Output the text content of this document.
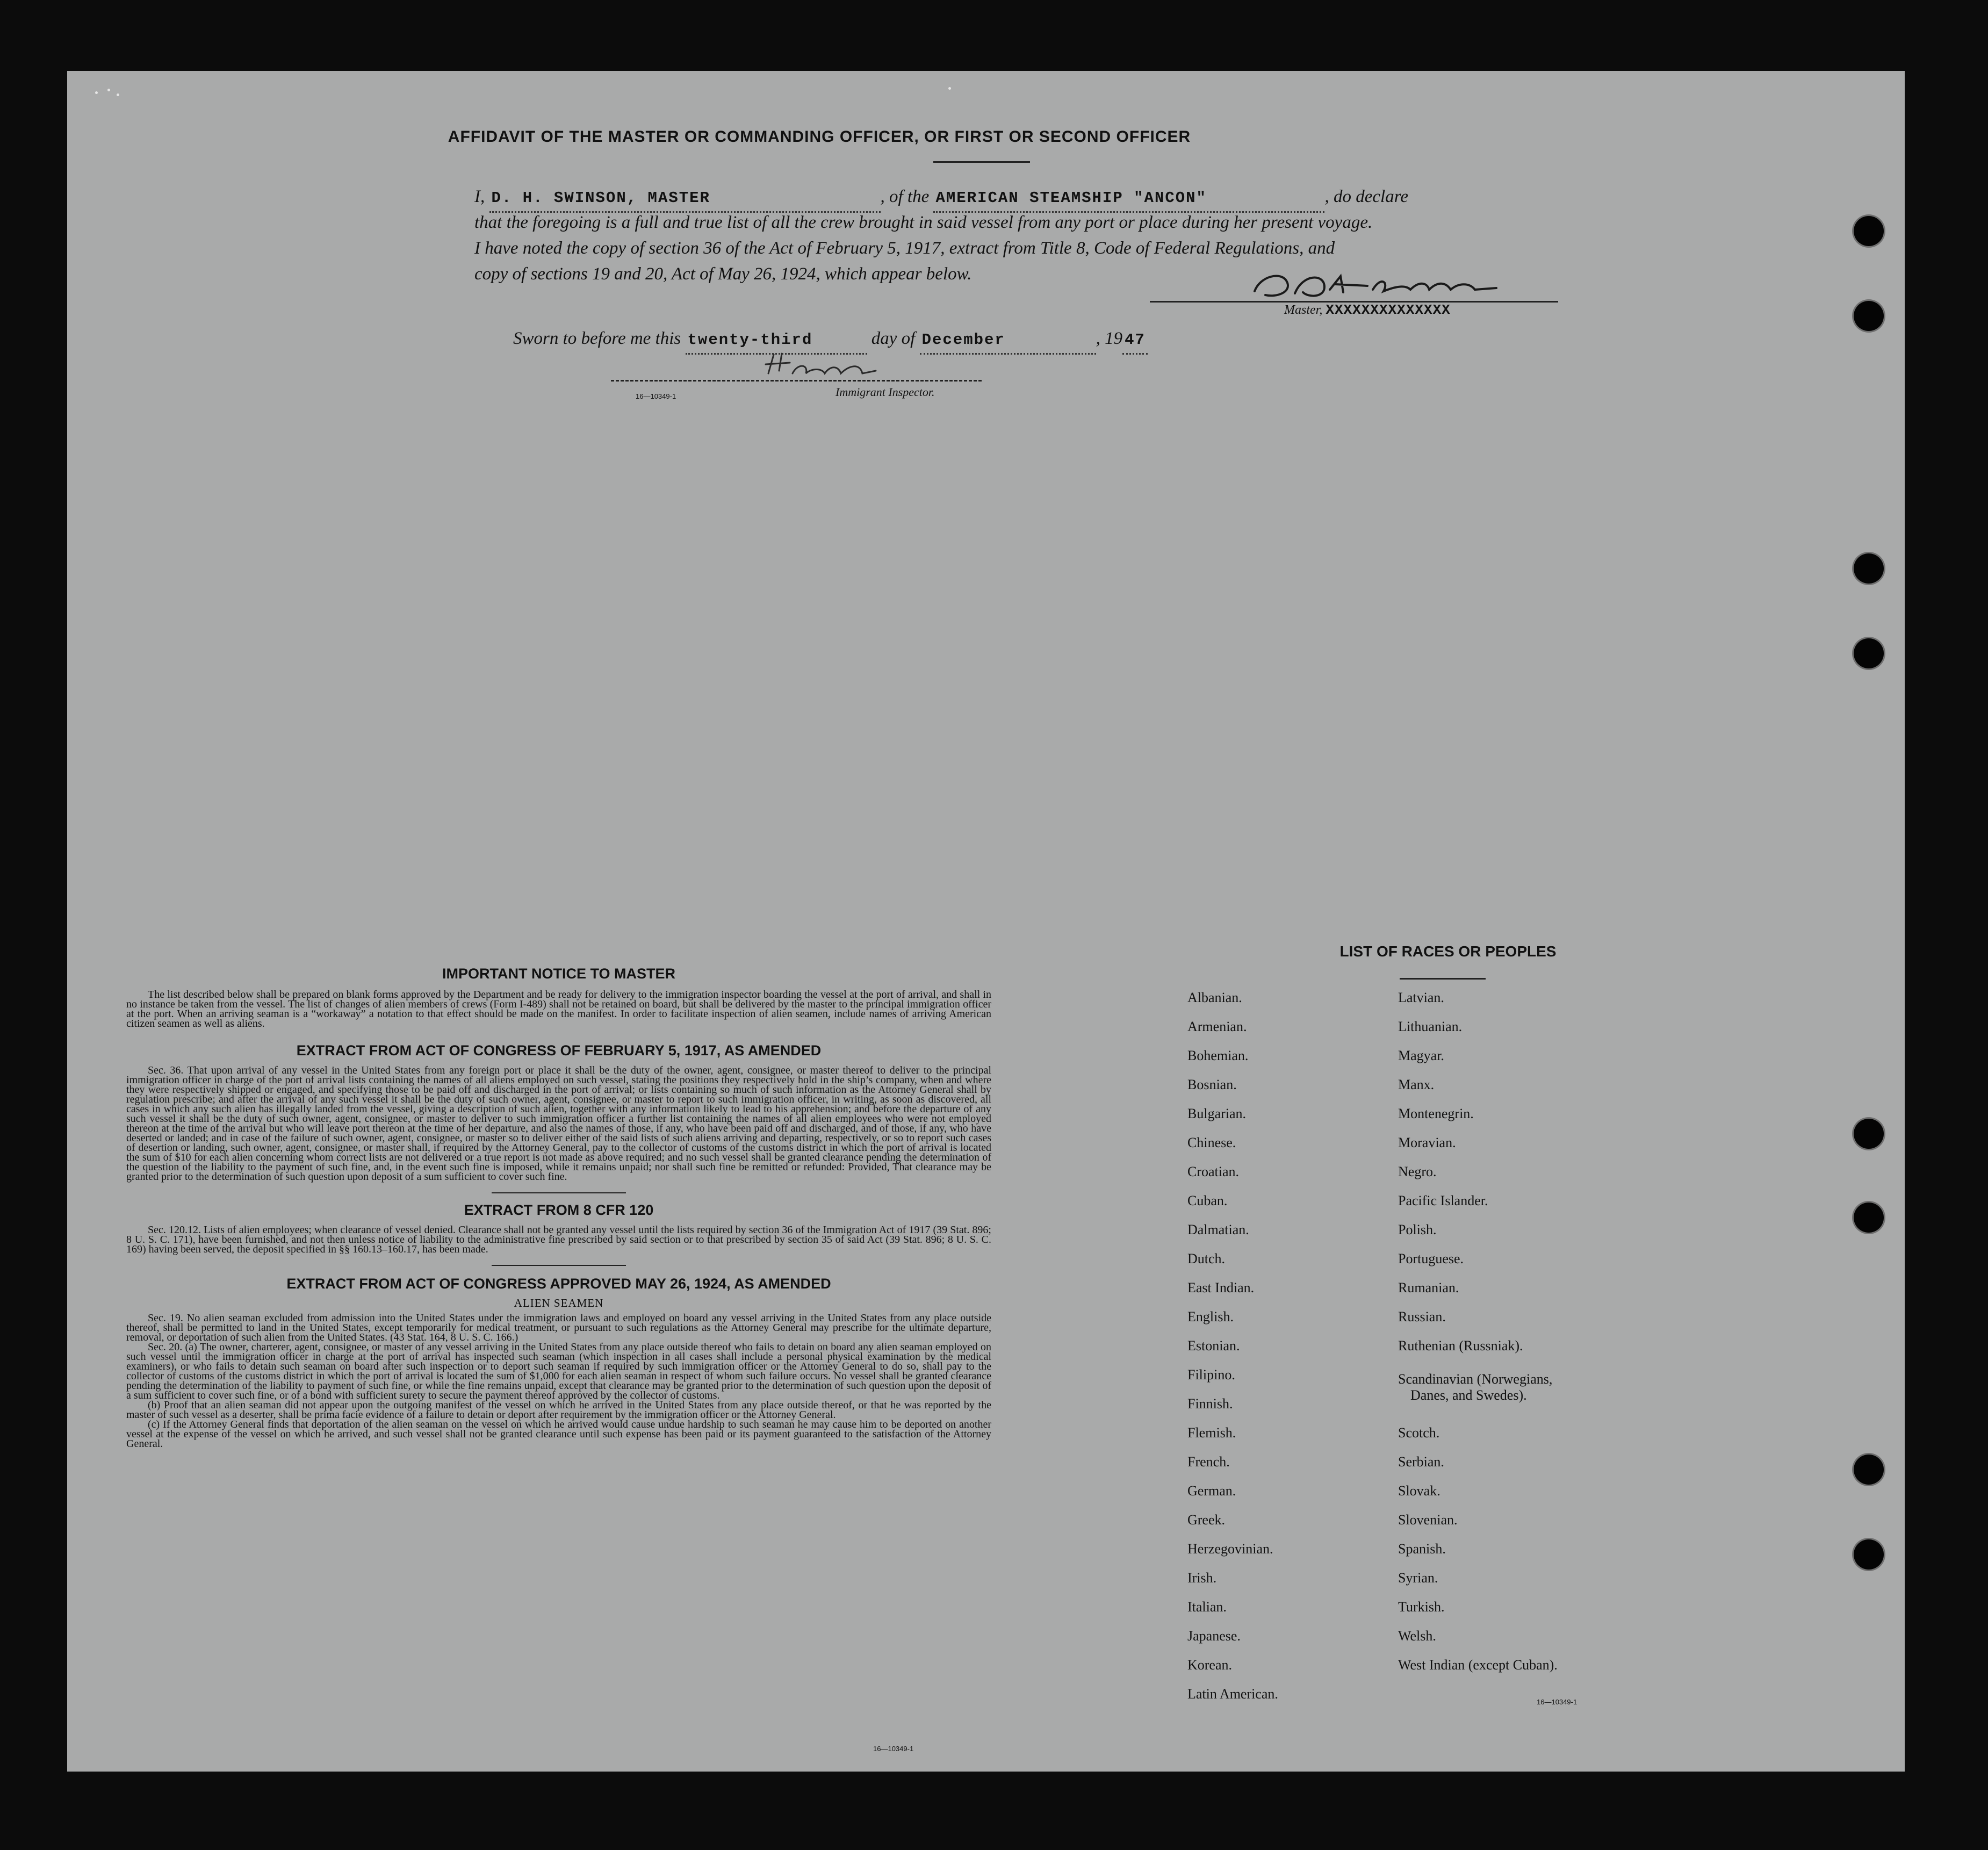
AFFIDAVIT OF THE MASTER OR COMMANDING OFFICER, OR FIRST OR SECOND OFFICER
I, D. H. SWINSON, MASTER	, of the AMERICAN STEAMSHIP "ANCON"	, do declare
that the foregoing is a full and true list of all the crew brought in said vessel from any port or place during her present voyage.
I have noted the copy of section 36 of the Act of February 5, 1917, extract from Title 8, Code of Federal Regulations, and
copy of sections 19 and 20, Act of May 26, 1924, which appear below.
Master, XXXXXXXXXXXXXX
Sworn to before me this twenty-third	day of December	, 19 47
16—10349-1	Immigrant Inspector.
IMPORTANT NOTICE TO MASTER

The list described below shall be prepared on blank forms approved by the Department and be ready for delivery to the immigration inspector boarding the vessel at the port of arrival, and shall in no instance be taken from the vessel. The list of changes of alien members of crews (Form I-489) shall not be retained on board, but shall be delivered by the master to the principal immigration officer at the port. When an arriving seaman is a “workaway” a notation to that effect should be made on the manifest. In order to facilitate inspection of alien seamen, include names of arriving American citizen seamen as well as aliens.

EXTRACT FROM ACT OF CONGRESS OF FEBRUARY 5, 1917, AS AMENDED

Sec. 36. That upon arrival of any vessel in the United States from any foreign port or place it shall be the duty of the owner, agent, consignee, or master thereof to deliver to the principal immigration officer in charge of the port of arrival lists containing the names of all aliens employed on such vessel, stating the positions they respectively hold in the ship’s company, when and where they were respectively shipped or engaged, and specifying those to be paid off and discharged in the port of arrival; or lists containing so much of such information as the Attorney General shall by regulation prescribe; and after the arrival of any such vessel it shall be the duty of such owner, agent, consignee, or master to report to such immigration officer, in writing, as soon as discovered, all cases in which any such alien has illegally landed from the vessel, giving a description of such alien, together with any information likely to lead to his apprehension; and before the departure of any such vessel it shall be the duty of such owner, agent, consignee, or master to deliver to such immigration officer a further list containing the names of all alien employees who were not employed thereon at the time of the arrival but who will leave port thereon at the time of her departure, and also the names of those, if any, who have been paid off and discharged, and of those, if any, who have deserted or landed; and in case of the failure of such owner, agent, consignee, or master so to deliver either of the said lists of such aliens arriving and departing, respectively, or so to report such cases of desertion or landing, such owner, agent, consignee, or master shall, if required by the Attorney General, pay to the collector of customs of the customs district in which the port of arrival is located the sum of $10 for each alien concerning whom correct lists are not delivered or a true report is not made as above required; and no such vessel shall be granted clearance pending the determination of the question of the liability to the payment of such fine, and, in the event such fine is imposed, while it remains unpaid; nor shall such fine be remitted or refunded: Provided, That clearance may be granted prior to the determination of such question upon deposit of a sum sufficient to cover such fine.

EXTRACT FROM 8 CFR 120

Sec. 120.12. Lists of alien employees; when clearance of vessel denied. Clearance shall not be granted any vessel until the lists required by section 36 of the Immigration Act of 1917 (39 Stat. 896; 8 U. S. C. 171), have been furnished, and not then unless notice of liability to the administrative fine prescribed by said section or to that prescribed by section 35 of said Act (39 Stat. 896; 8 U. S. C. 169) having been served, the deposit specified in §§ 160.13–160.17, has been made.

EXTRACT FROM ACT OF CONGRESS APPROVED MAY 26, 1924, AS AMENDED
ALIEN SEAMEN

Sec. 19. No alien seaman excluded from admission into the United States under the immigration laws and employed on board any vessel arriving in the United States from any place outside thereof, shall be permitted to land in the United States, except temporarily for medical treatment, or pursuant to such regulations as the Attorney General may prescribe for the ultimate departure, removal, or deportation of such alien from the United States. (43 Stat. 164, 8 U. S. C. 166.)

Sec. 20. (a) The owner, charterer, agent, consignee, or master of any vessel arriving in the United States from any place outside thereof who fails to detain on board any alien seaman employed on such vessel until the immigration officer in charge at the port of arrival has inspected such seaman (which inspection in all cases shall include a personal physical examination by the medical examiners), or who fails to detain such seaman on board after such inspection or to deport such seaman if required by such immigration officer or the Attorney General to do so, shall pay to the collector of customs of the customs district in which the port of arrival is located the sum of $1,000 for each alien seaman in respect of whom such failure occurs. No vessel shall be granted clearance pending the determination of the liability to payment of such fine, or while the fine remains unpaid, except that clearance may be granted prior to the determination of such question upon the deposit of a sum sufficient to cover such fine, or of a bond with sufficient surety to secure the payment thereof approved by the collector of customs.

(b) Proof that an alien seaman did not appear upon the outgoing manifest of the vessel on which he arrived in the United States from any place outside thereof, or that he was reported by the master of such vessel as a deserter, shall be prima facie evidence of a failure to detain or deport after requirement by the immigration officer or the Attorney General.

(c) If the Attorney General finds that deportation of the alien seaman on the vessel on which he arrived would cause undue hardship to such seaman he may cause him to be deported on another vessel at the expense of the vessel on which he arrived, and such vessel shall not be granted clearance until such expense has been paid or its payment guaranteed to the satisfaction of the Attorney General.

16—10349-1
LIST OF RACES OR PEOPLES
Albanian.
Armenian.
Bohemian.
Bosnian.
Bulgarian.
Chinese.
Croatian.
Cuban.
Dalmatian.
Dutch.
East Indian.
English.
Estonian.
Filipino.
Finnish.
Flemish.
French.
German.
Greek.
Herzegovinian.
Irish.
Italian.
Japanese.
Korean.
Latin American.
Latvian.
Lithuanian.
Magyar.
Manx.
Montenegrin.
Moravian.
Negro.
Pacific Islander.
Polish.
Portuguese.
Rumanian.
Russian.
Ruthenian (Russniak).
Scandinavian (Norwegians,
Danes, and Swedes).
Scotch.
Serbian.
Slovak.
Slovenian.
Spanish.
Syrian.
Turkish.
Welsh.
West Indian (except Cuban).
16—10349-1
